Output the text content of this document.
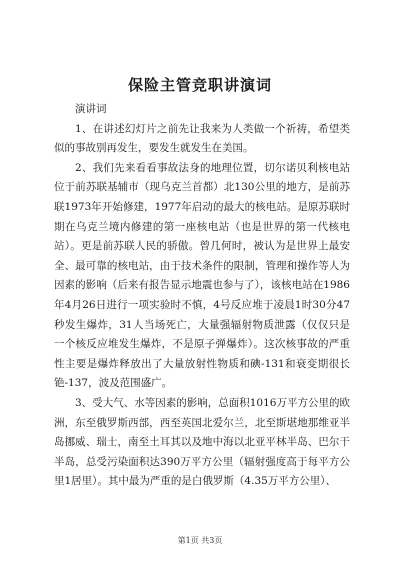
保险主管竞职讲演词

演讲词

1、在讲述幻灯片之前先让我来为人类做一个祈祷，希望类似的事故别再发生，要发生就发生在美国。

2、我们先来看看事故法身的地理位置，切尔诺贝利核电站位于前苏联基辅市（现乌克兰首都）北130公里的地方，是前苏联1973年开始修建，1977年启动的最大的核电站。是原苏联时期在乌克兰境内修建的第一座核电站（也是世界的第一代核电站）。更是前苏联人民的骄傲。曾几何时，被认为是世界上最安全、最可靠的核电站，由于技术条件的限制，管理和操作等人为因素的影响（后来有报告显示地震也参与了），该核电站在1986年4月26日进行一项实验时不慎，4号反应堆于凌晨1时30分47秒发生爆炸，31人当场死亡，大量强辐射物质泄露（仅仅只是一个核反应堆发生爆炸，不是原子弹爆炸）。这次核事故的严重性主要是爆炸释放出了大量放射性物质和碘-131和衰变期很长铯-137，波及范围盛广。

3、受大气、水等因素的影响，总面积1016万平方公里的欧洲，东至俄罗斯西部，西至英国北爱尔兰，北至斯堪地那维亚半岛挪威、瑞士，南至土耳其以及地中海以北亚平林半岛、巴尔干半岛，总受污染面积达390万平方公里（辐射强度高于每平方公里1居里）。其中最为严重的是白俄罗斯（4.35万平方公里）、

第1页 共3页
